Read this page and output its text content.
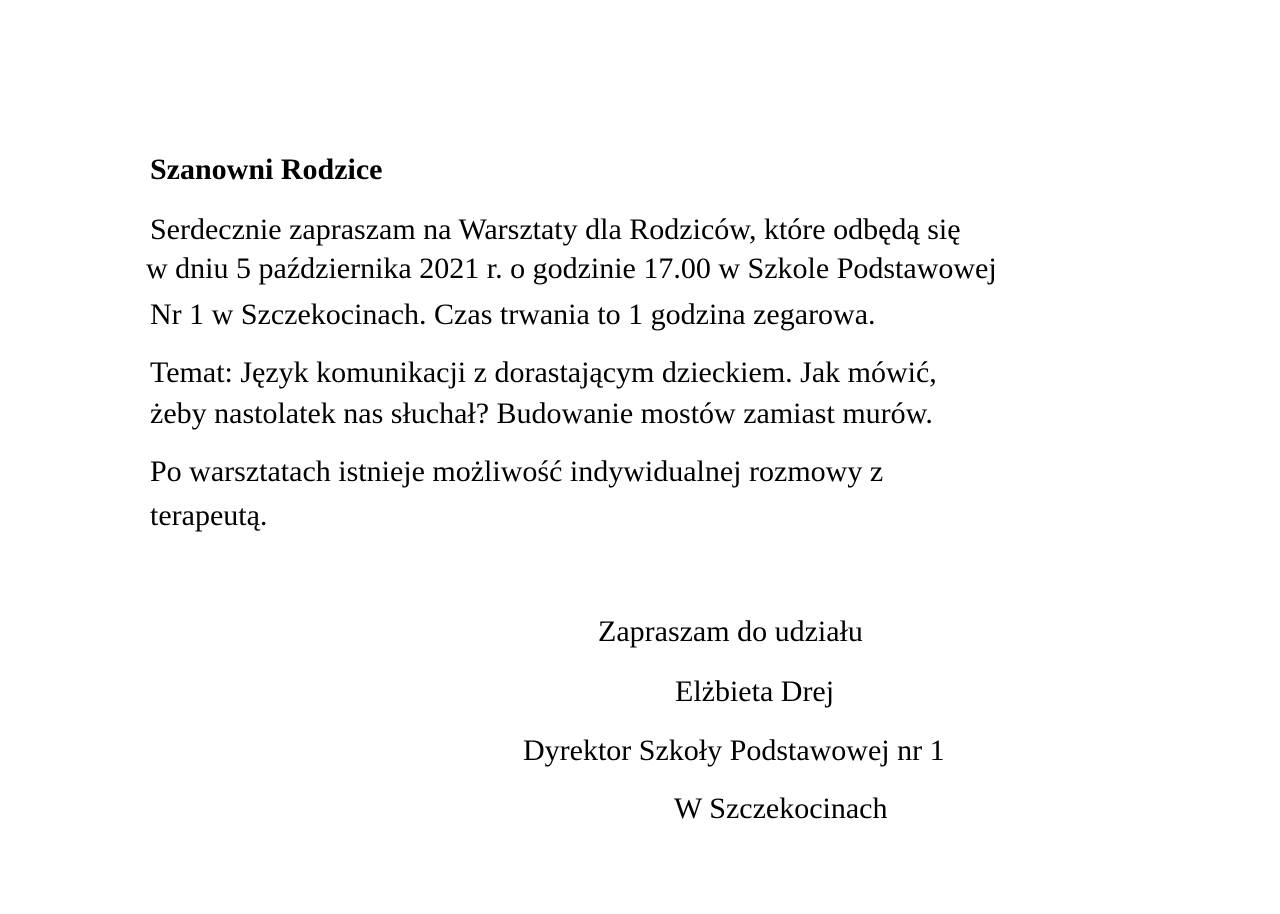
Szanowni Rodzice

Serdecznie zapraszam na Warsztaty dla Rodziców, które odbędą się

w dniu 5 października 2021 r. o godzinie 17.00 w Szkole Podstawowej

Nr 1 w Szczekocinach. Czas trwania to 1 godzina zegarowa.

Temat: Język komunikacji z dorastającym dzieckiem. Jak mówić,

żeby nastolatek nas słuchał? Budowanie mostów zamiast murów.

Po warsztatach istnieje możliwość indywidualnej rozmowy z

terapeutą.

Zapraszam do udziału
Elżbieta Drej
Dyrektor Szkoły Podstawowej nr 1
W Szczekocinach
